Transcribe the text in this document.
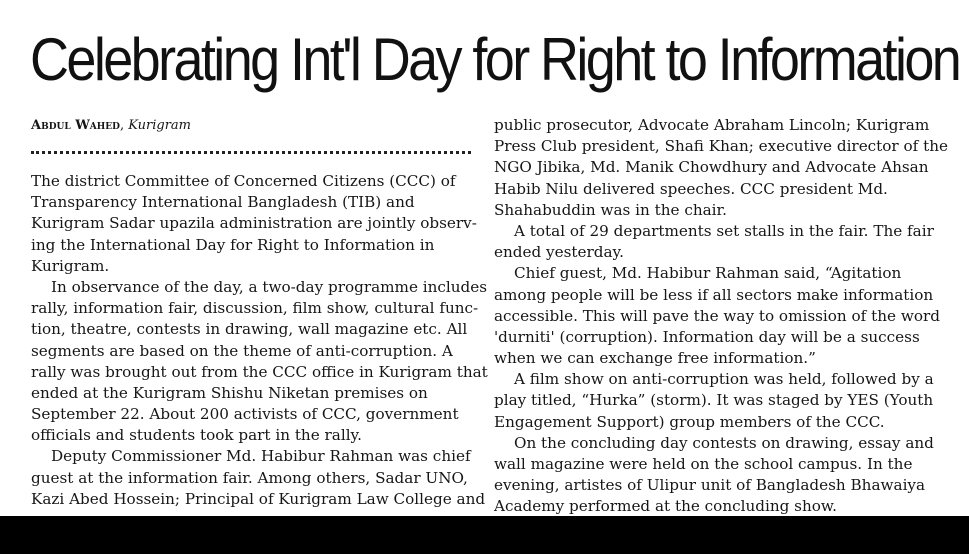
Celebrating Int'l Day for Right to Information
Abdul Wahed, Kurigram
The district Committee of Concerned Citizens (CCC) of
Transparency International Bangladesh (TIB) and
Kurigram Sadar upazila administration are jointly observ-
ing the International Day for Right to Information in
Kurigram.
In observance of the day, a two-day programme includes
rally, information fair, discussion, film show, cultural func-
tion, theatre, contests in drawing, wall magazine etc. All
segments are based on the theme of anti-corruption. A
rally was brought out from the CCC office in Kurigram that
ended at the Kurigram Shishu Niketan premises on
September 22. About 200 activists of CCC, government
officials and students took part in the rally.
Deputy Commissioner Md. Habibur Rahman was chief
guest at the information fair. Among others, Sadar UNO,
Kazi Abed Hossein; Principal of Kurigram Law College and
public prosecutor, Advocate Abraham Lincoln; Kurigram
Press Club president, Shafi Khan; executive director of the
NGO Jibika, Md. Manik Chowdhury and Advocate Ahsan
Habib Nilu delivered speeches. CCC president Md.
Shahabuddin was in the chair.
A total of 29 departments set stalls in the fair. The fair
ended yesterday.
Chief guest, Md. Habibur Rahman said, “Agitation
among people will be less if all sectors make information
accessible. This will pave the way to omission of the word
'durniti' (corruption). Information day will be a success
when we can exchange free information.”
A film show on anti-corruption was held, followed by a
play titled, “Hurka” (storm). It was staged by YES (Youth
Engagement Support) group members of the CCC.
On the concluding day contests on drawing, essay and
wall magazine were held on the school campus. In the
evening, artistes of Ulipur unit of Bangladesh Bhawaiya
Academy performed at the concluding show.
